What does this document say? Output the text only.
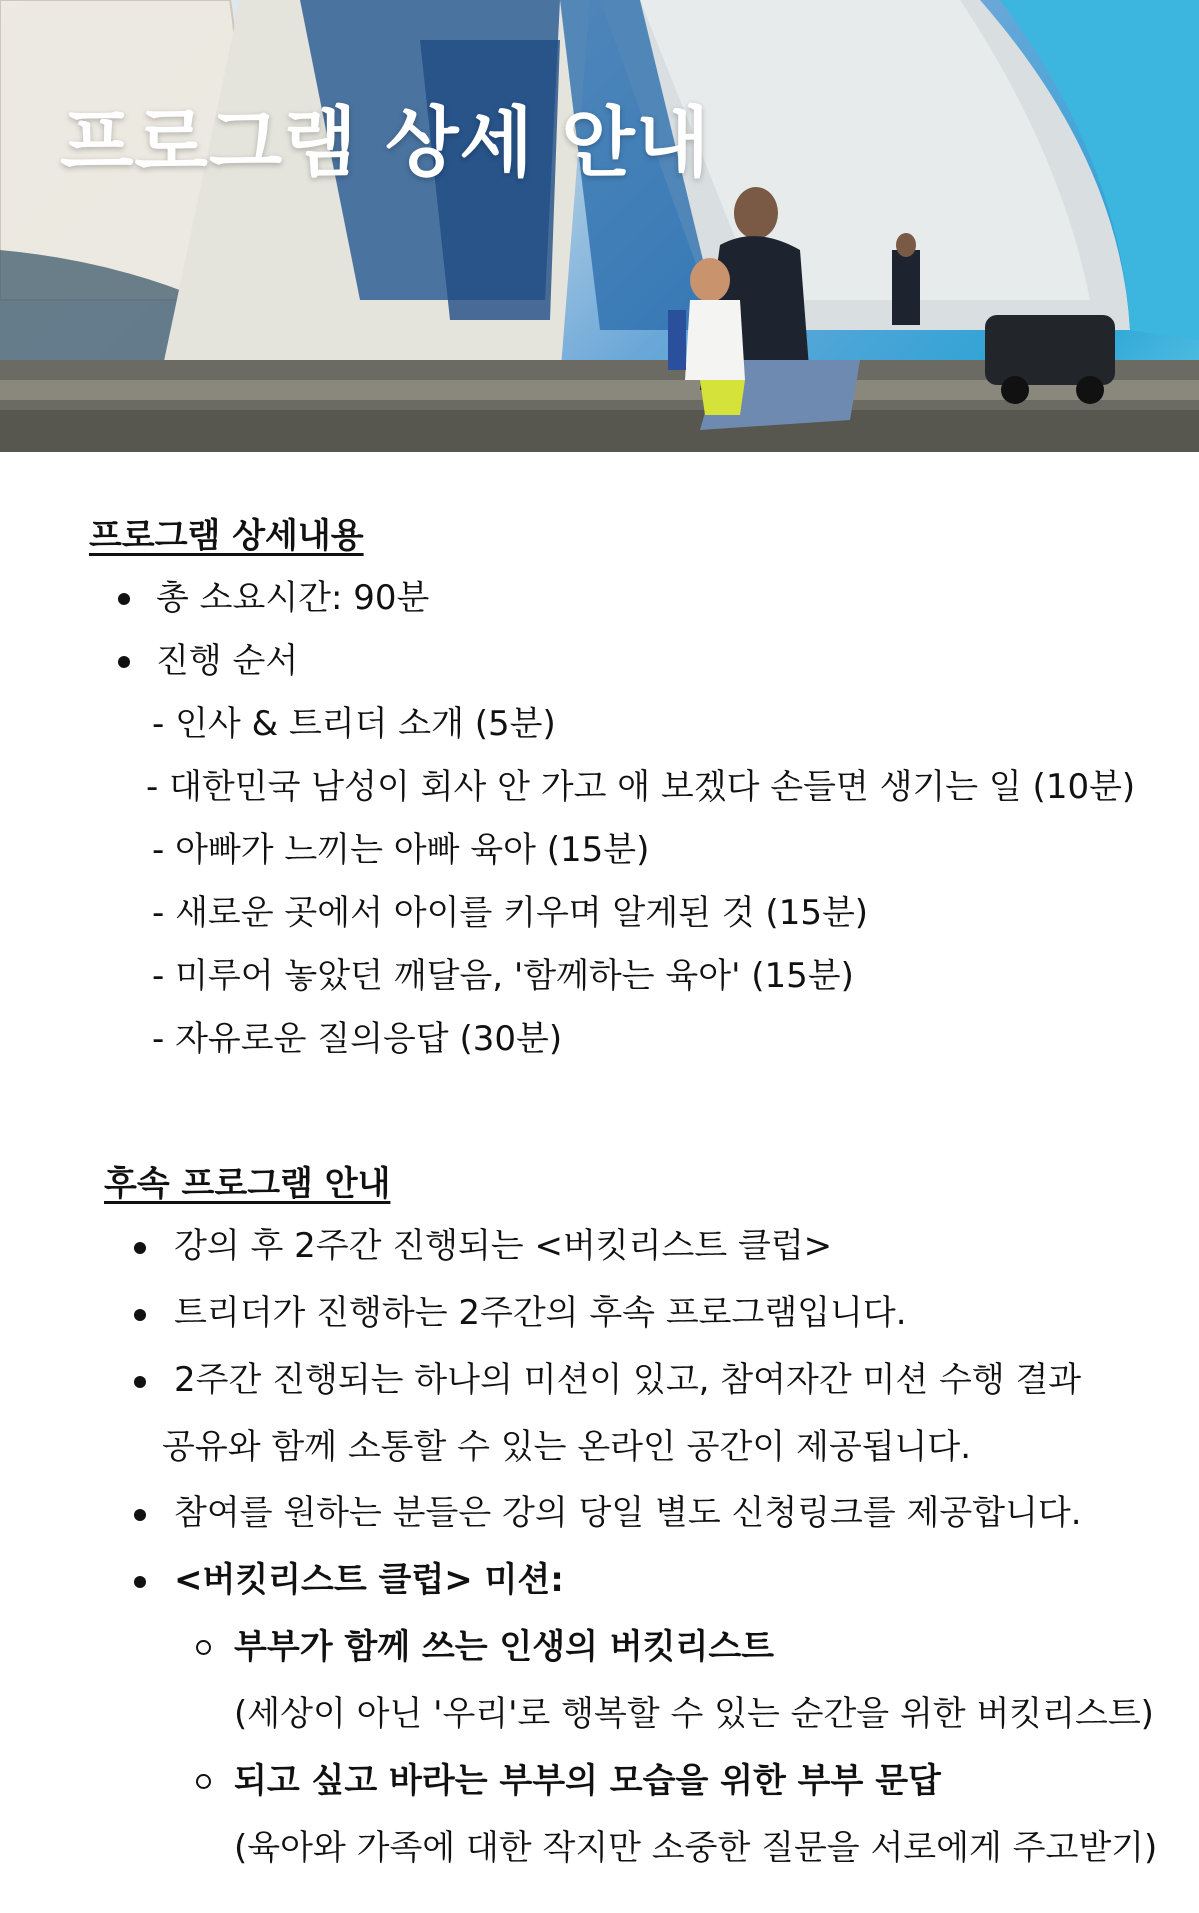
프로그램 상세 안내
프로그램 상세내용
총 소요시간: 90분
진행 순서

- 인사 & 트리더 소개 (5분)

- 대한민국 남성이 회사 안 가고 애 보겠다 손들면 생기는 일 (10분)

- 아빠가 느끼는 아빠 육아 (15분)

- 새로운 곳에서 아이를 키우며 알게된 것 (15분)

- 미루어 놓았던 깨달음, '함께하는 육아' (15분)

- 자유로운 질의응답 (30분)

후속 프로그램 안내
강의 후 2주간 진행되는 <버킷리스트 클럽>
트리더가 진행하는 2주간의 후속 프로그램입니다.
2주간 진행되는 하나의 미션이 있고, 참여자간 미션 수행 결과
공유와 함께 소통할 수 있는 온라인 공간이 제공됩니다.
참여를 원하는 분들은 강의 당일 별도 신청링크를 제공합니다.
<버킷리스트 클럽> 미션:
부부가 함께 쓰는 인생의 버킷리스트
(세상이 아닌 '우리'로 행복할 수 있는 순간을 위한 버킷리스트)
되고 싶고 바라는 부부의 모습을 위한 부부 문답
(육아와 가족에 대한 작지만 소중한 질문을 서로에게 주고받기)
